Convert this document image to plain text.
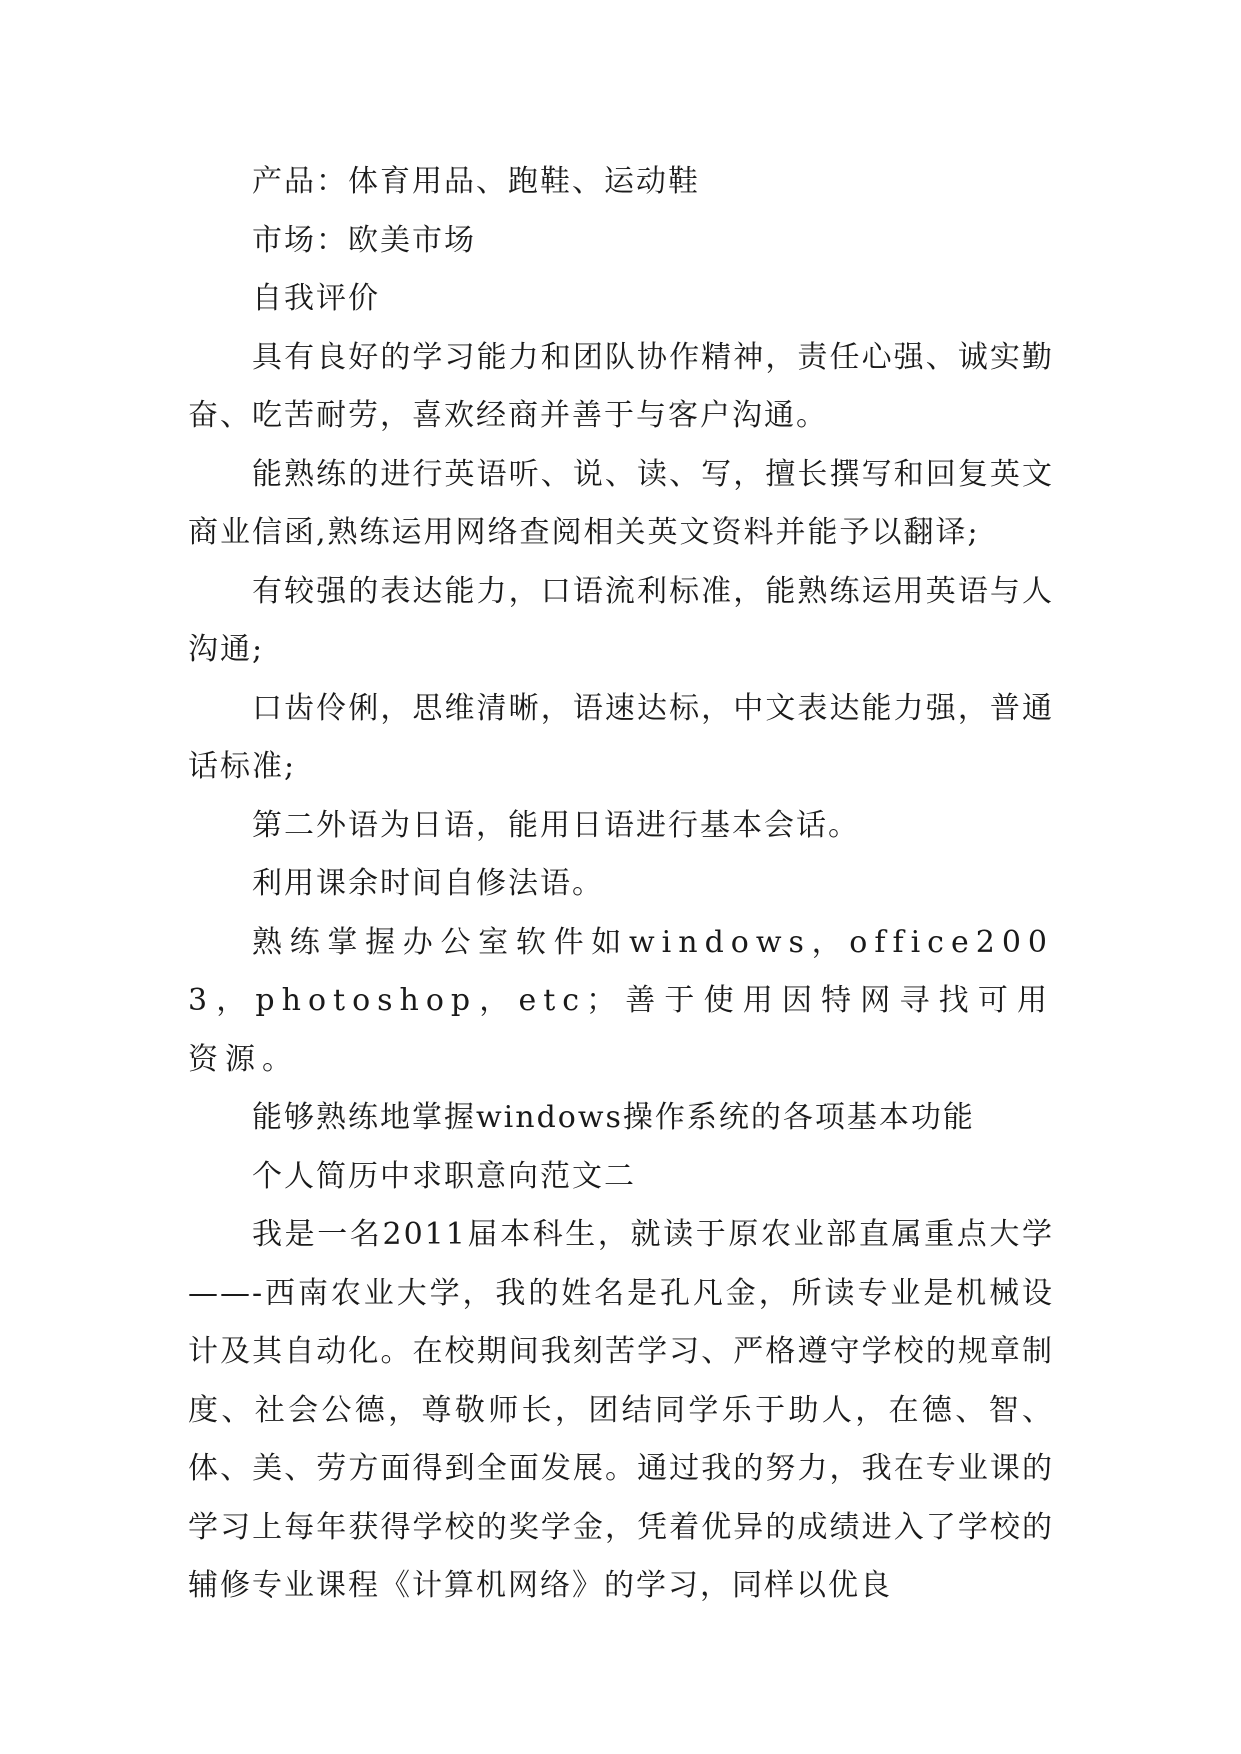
产品：体育用品、跑鞋、运动鞋

市场：欧美市场

自我评价

具有良好的学习能力和团队协作精神，责任心强、诚实勤奋、吃苦耐劳，喜欢经商并善于与客户沟通。

能熟练的进行英语听、说、读、写，擅长撰写和回复英文商业信函,熟练运用网络查阅相关英文资料并能予以翻译;

有较强的表达能力，口语流利标准，能熟练运用英语与人沟通;

口齿伶俐，思维清晰，语速达标，中文表达能力强，普通话标准;

第二外语为日语，能用日语进行基本会话。

利用课余时间自修法语。

熟练掌握办公室软件如windows，office2003，photoshop，etc；善于使用因特网寻找可用资源。

能够熟练地掌握windows操作系统的各项基本功能

个人简历中求职意向范文二

我是一名2011届本科生，就读于原农业部直属重点大学——-西南农业大学，我的姓名是孔凡金，所读专业是机械设计及其自动化。在校期间我刻苦学习、严格遵守学校的规章制度、社会公德，尊敬师长，团结同学乐于助人，在德、智、体、美、劳方面得到全面发展。通过我的努力，我在专业课的学习上每年获得学校的奖学金，凭着优异的成绩进入了学校的辅修专业课程《计算机网络》的学习，同样以优良
